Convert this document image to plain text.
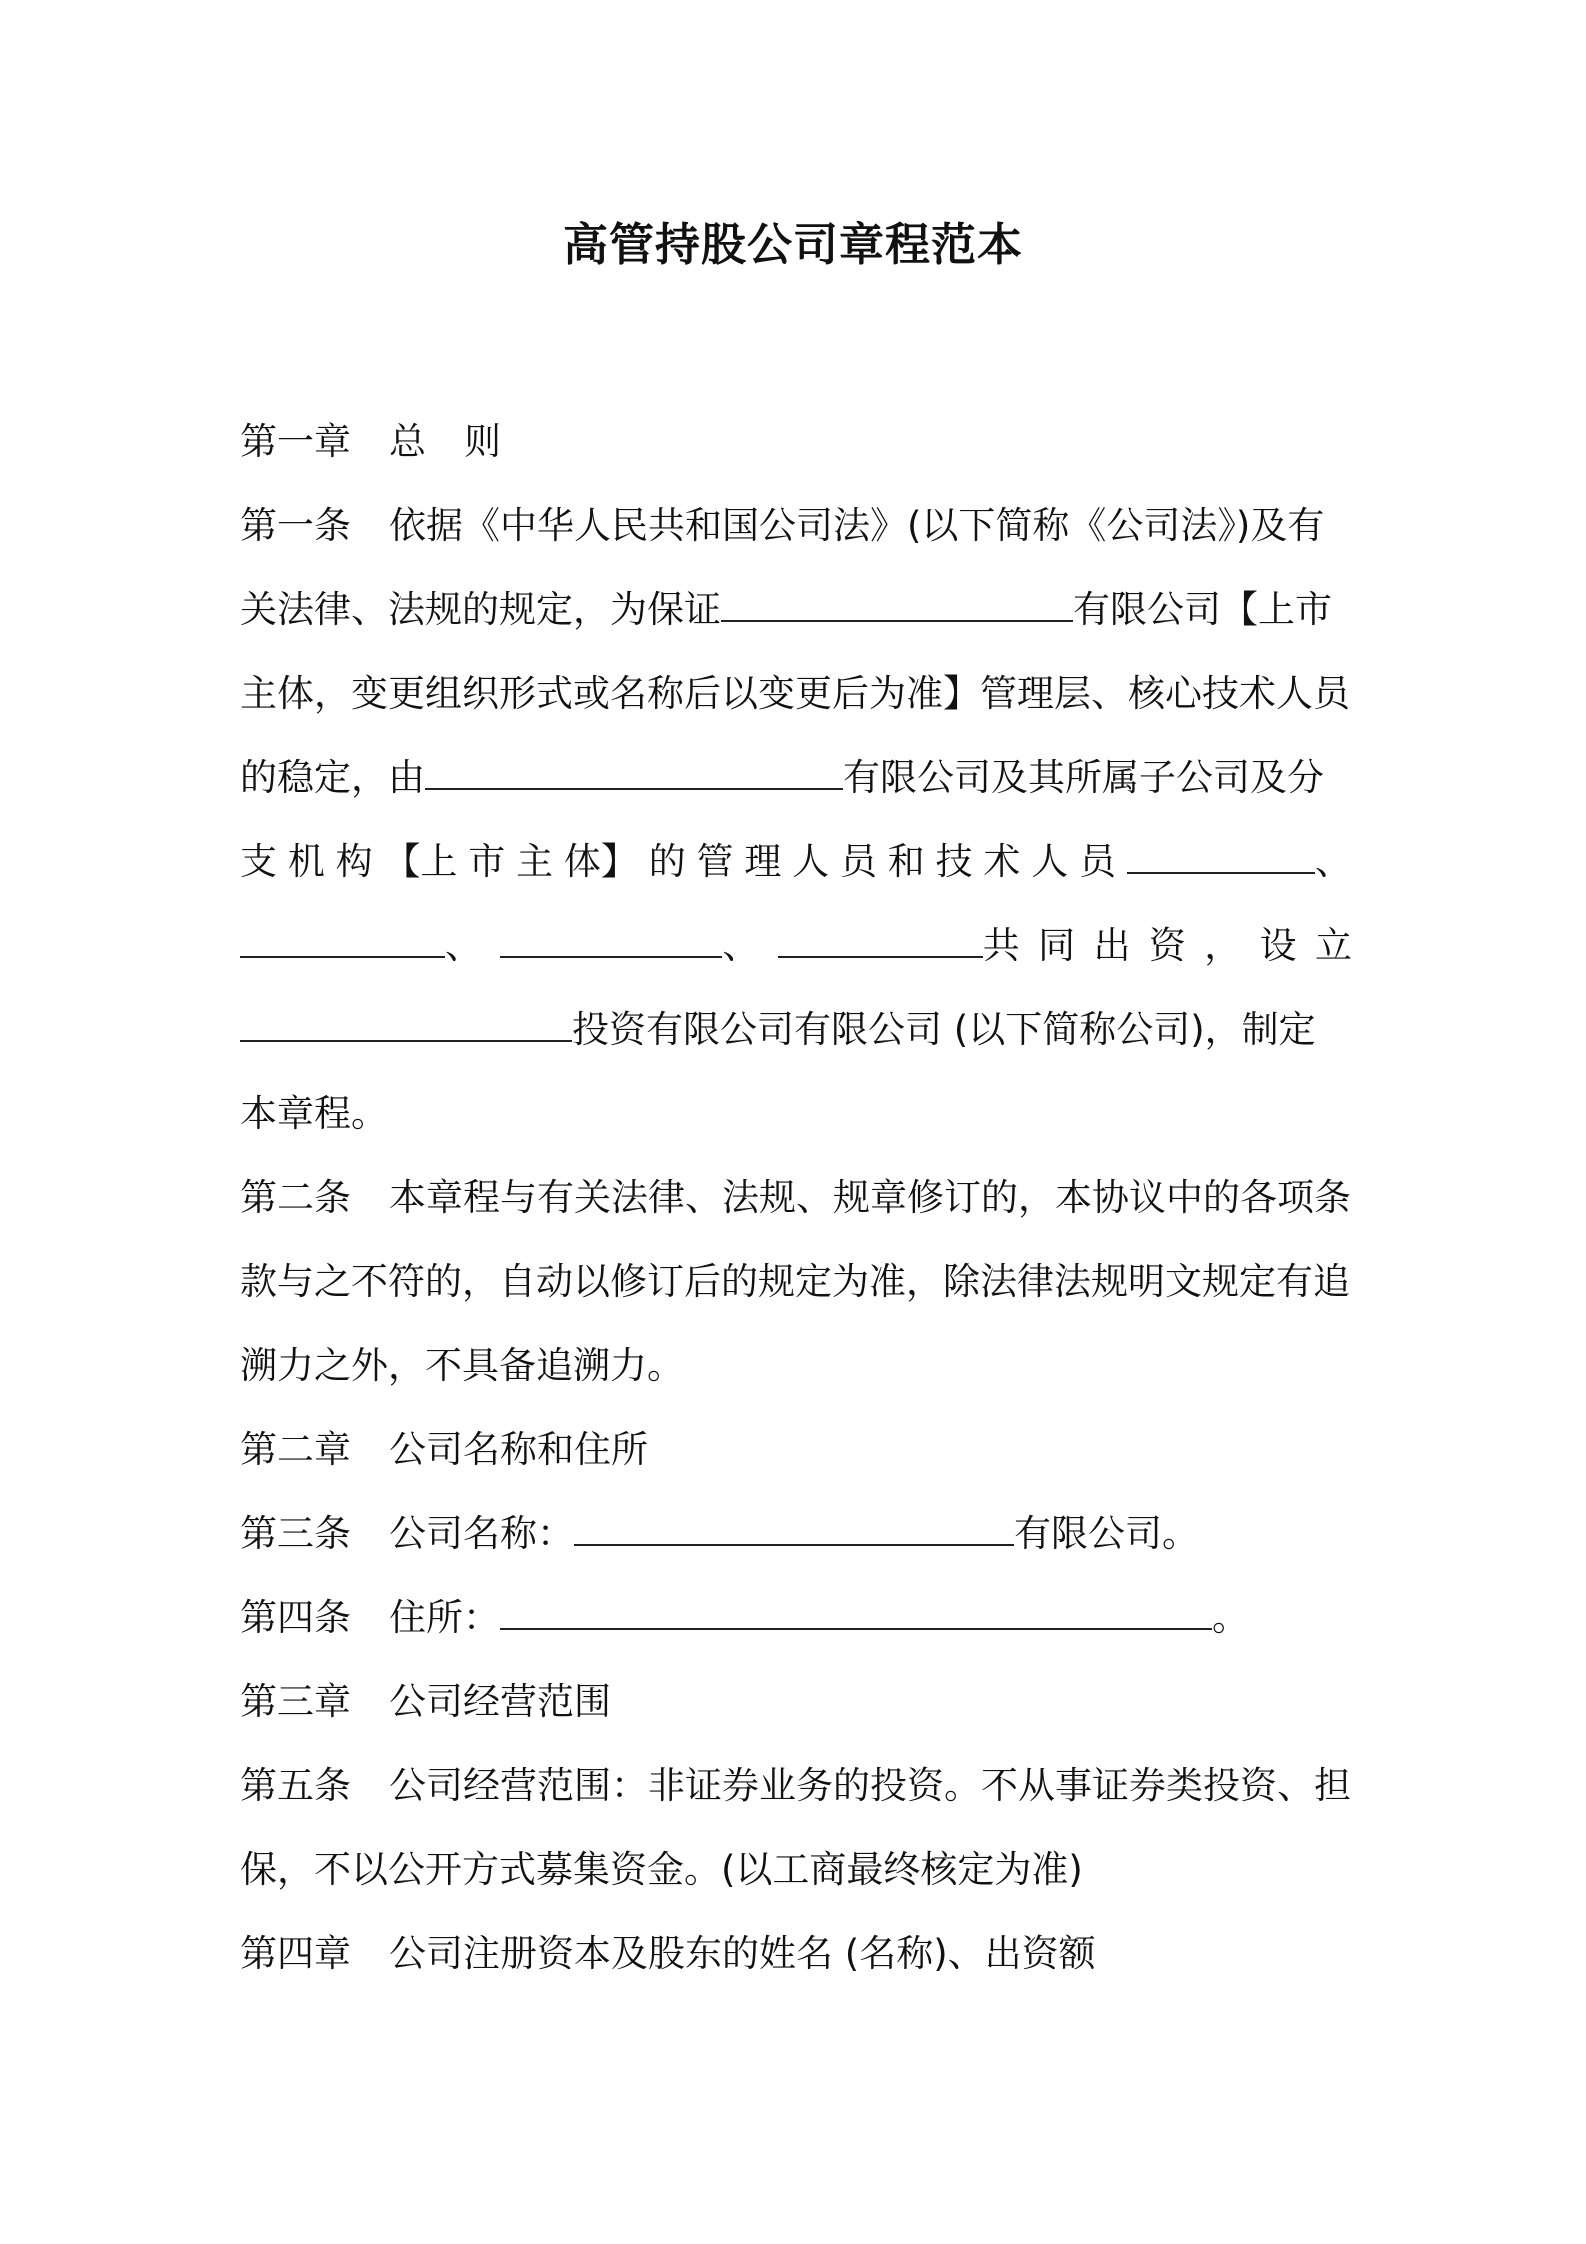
高管持股公司章程范本
第一章 总 则
第一条 依据《中华人民共和国公司法》(以下简称《公司法》)及有
关法律、法规的规定，为保证	有限公司【上市
主体，变更组织形式或名称后以变更后为准】管理层、核心技术人员
的稳定，由	有限公司及其所属子公司及分
支 机 构 【上 市 主 体】 的 管 理 人 员 和 技 术 人 员	、
、	、	共 同 出 资 ， 设 立
投资有限公司有限公司 (以下简称公司)，制定
本章程。
第二条 本章程与有关法律、法规、规章修订的，本协议中的各项条
款与之不符的，自动以修订后的规定为准，除法律法规明文规定有追
溯力之外，不具备追溯力。
第二章 公司名称和住所
第三条 公司名称：	有限公司。
第四条 住所：	。
第三章 公司经营范围
第五条 公司经营范围：非证券业务的投资。不从事证券类投资、担
保，不以公开方式募集资金。(以工商最终核定为准)
第四章 公司注册资本及股东的姓名 (名称)、出资额
